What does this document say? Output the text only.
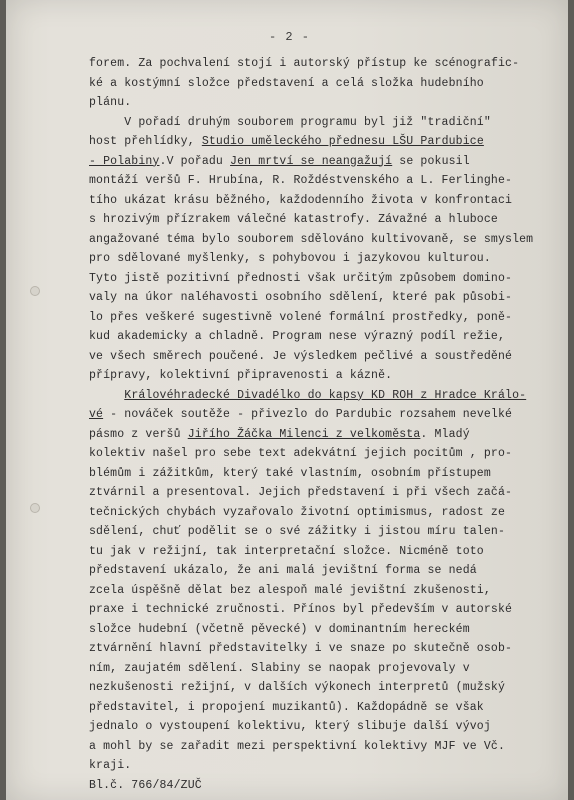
- 2 -
forem. Za pochvalení stojí i autorský přístup ke scénografic-
ké a kostýmní složce představení a celá složka hudebního
plánu.
V pořadí druhým souborem programu byl již "tradiční"
host přehlídky, Studio uměleckého přednesu LŠU Pardubice
- Polabiny.V pořadu Jen mrtví se neangažují se pokusil
montáží veršů F. Hrubína, R. Roždéstvenského a L. Ferlinghe-
tího ukázat krásu běžného, každodenního života v konfrontaci
s hrozivým přízrakem válečné katastrofy. Závažné a hluboce
angažované téma bylo souborem sdělováno kultivovaně, se smyslem
pro sdělované myšlenky, s pohybovou i jazykovou kulturou.
Tyto jistě pozitivní přednosti však určitým způsobem domino-
valy na úkor naléhavosti osobního sdělení, které pak působi-
lo přes veškeré sugestivně volené formální prostředky, poně-
kud akademicky a chladně. Program nese výrazný podíl režie,
ve všech směrech poučené. Je výsledkem pečlivé a soustředěné
přípravy, kolektivní připravenosti a kázně.
Královéhradecké Divadélko do kapsy KD ROH z Hradce Králo-
vé - nováček soutěže - přivezlo do Pardubic rozsahem nevelké
pásmo z veršů Jiřího Žáčka Milenci z velkoměsta. Mladý
kolektiv našel pro sebe text adekvátní jejich pocitům , pro-
blémům i zážitkům, který také vlastním, osobním přístupem
ztvárnil a presentoval. Jejich představení i při všech začá-
tečnických chybách vyzařovalo životní optimismus, radost ze
sdělení, chuť podělit se o své zážitky i jistou míru talen-
tu jak v režijní, tak interpretační složce. Nicméně toto
představení ukázalo, že ani malá jevištní forma se nedá
zcela úspěšně dělat bez alespoň malé jevištní zkušenosti,
praxe i technické zručnosti. Přínos byl především v autorské
složce hudební (včetně pěvecké) v dominantním hereckém
ztvárnění hlavní představitelky i ve snaze po skutečně osob-
ním, zaujatém sdělení. Slabiny se naopak projevovaly v
nezkušenosti režijní, v dalších výkonech interpretů (mužský
představitel, i propojení muzikantů). Každopádně se však
jednalo o vystoupení kolektivu, který slibuje další vývoj
a mohl by se zařadit mezi perspektivní kolektivy MJF ve Vč.
kraji.
Bl.č. 766/84/ZUČ
